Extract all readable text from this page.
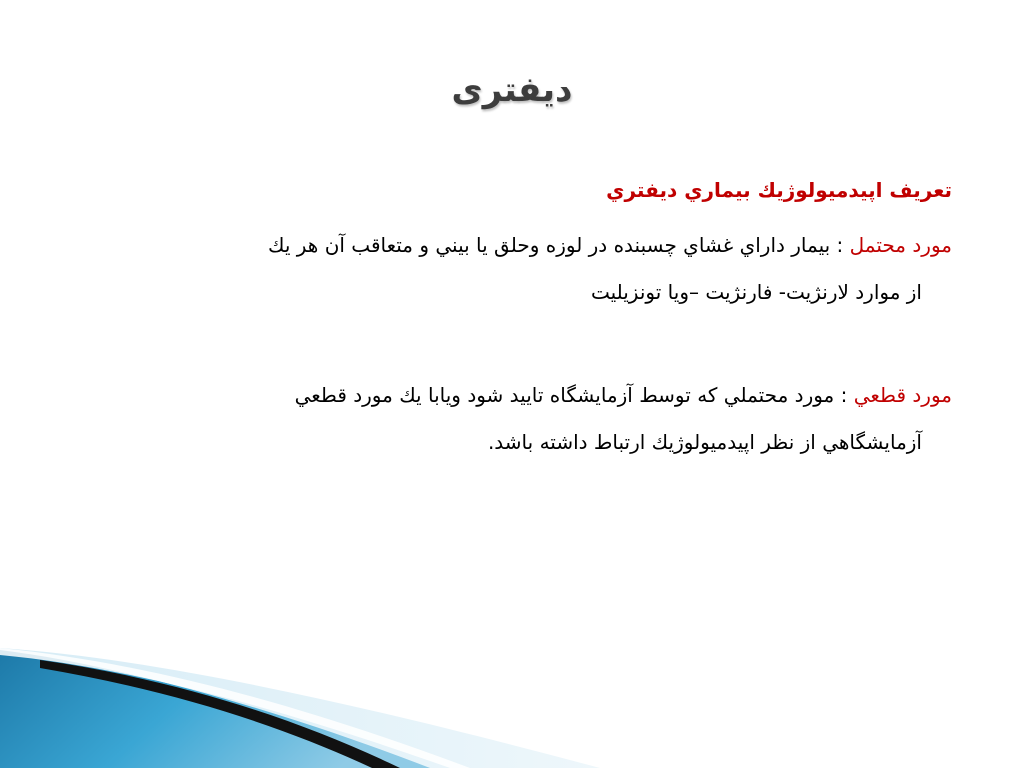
دیفتری
تعريف اپيدميولوژيك بيماري ديفتري
مورد محتمل : بيمار داراي غشاي چسبنده در لوزه وحلق يا بيني و متعاقب آن هر يك
از موارد لارنژيت- فارنژيت –ويا تونزيليت
مورد قطعي : مورد محتملي كه توسط آزمايشگاه تاييد شود ويابا يك مورد قطعي
آزمايشگاهي از نظر اپيدميولوژيك ارتباط داشته باشد.
